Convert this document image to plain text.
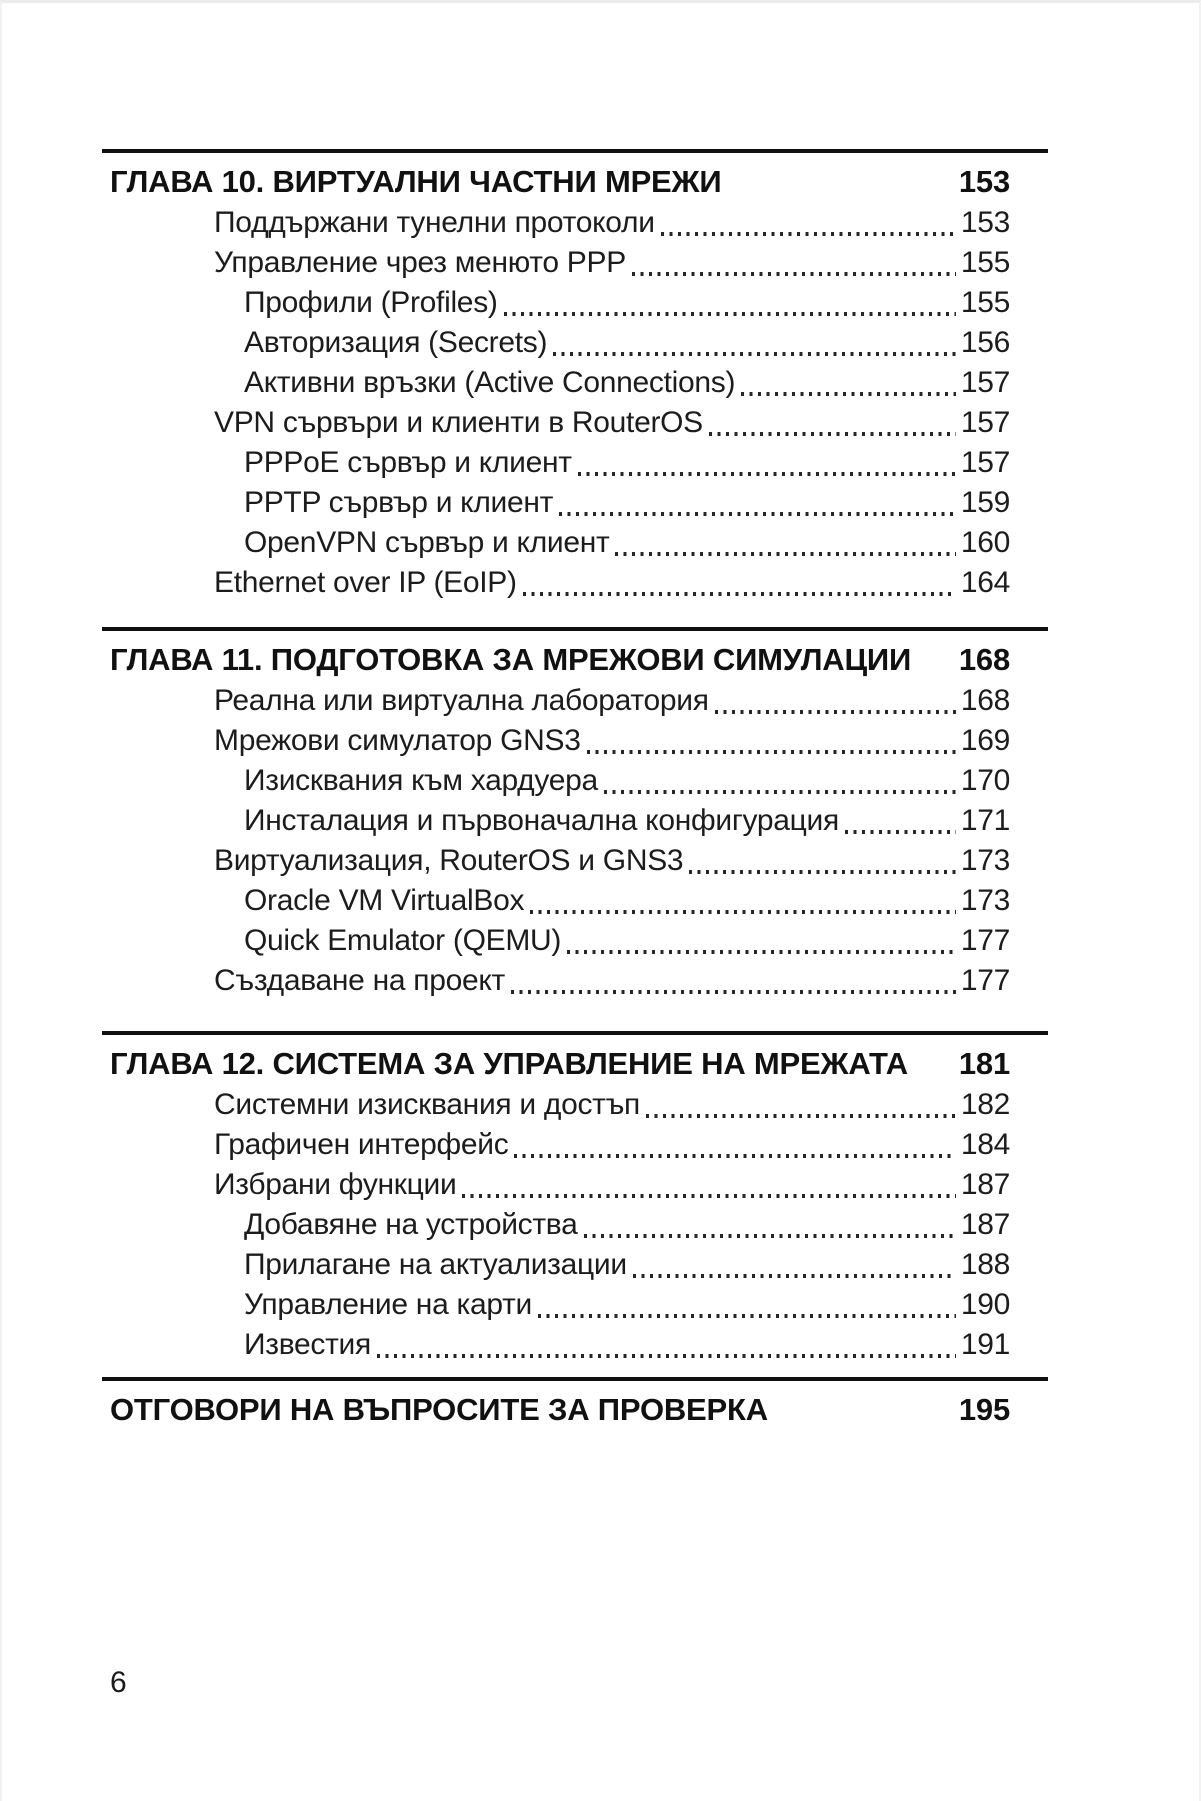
ГЛАВА 10. ВИРТУАЛНИ ЧАСТНИ МРЕЖИ	153
Поддържани тунелни протоколи	153
Управление чрез менюто PPP	155
Профили (Profiles)	155
Авторизация (Secrets)	156
Активни връзки (Active Connections)	157
VPN сървъри и клиенти в RouterOS	157
PPPoE сървър и клиент	157
PPTP сървър и клиент	159
OpenVPN сървър и клиент	160
Ethernet over IP (EoIP)	164
ГЛАВА 11. ПОДГОТОВКА ЗА МРЕЖОВИ СИМУЛАЦИИ 168
Реална или виртуална лаборатория	168
Мрежови симулатор GNS3	169
Изисквания към хардуера	170
Инсталация и първоначална конфигурация	171
Виртуализация, RouterOS и GNS3	173
Oracle VM VirtualBox	173
Quick Emulator (QEMU)	177
Създаване на проект	177
ГЛАВА 12. СИСТЕМА ЗА УПРАВЛЕНИЕ НА МРЕЖАТА 181
Системни изисквания и достъп	182
Графичен интерфейс	184
Избрани функции	187
Добавяне на устройства	187
Прилагане на актуализации	188
Управление на карти	190
Известия	191
ОТГОВОРИ НА ВЪПРОСИТЕ ЗА ПРОВЕРКА	195
6
